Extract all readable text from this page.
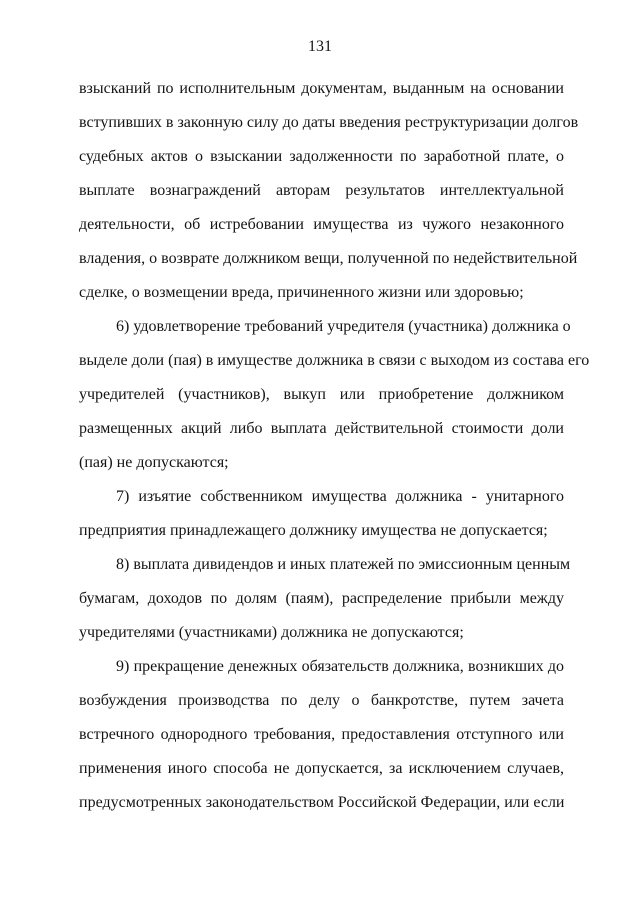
131
взысканий по исполнительным документам, выданным на основании
вступивших в законную силу до даты введения реструктуризации долгов
судебных актов о взыскании задолженности по заработной плате, о
выплате вознаграждений авторам результатов интеллектуальной
деятельности, об истребовании имущества из чужого незаконного
владения, о возврате должником вещи, полученной по недействительной
сделке, о возмещении вреда, причиненного жизни или здоровью;
6) удовлетворение требований учредителя (участника) должника о
выделе доли (пая) в имуществе должника в связи с выходом из состава его
учредителей (участников), выкуп или приобретение должником
размещенных акций либо выплата действительной стоимости доли
(пая) не допускаются;
7) изъятие собственником имущества должника - унитарного
предприятия принадлежащего должнику имущества не допускается;
8) выплата дивидендов и иных платежей по эмиссионным ценным
бумагам, доходов по долям (паям), распределение прибыли между
учредителями (участниками) должника не допускаются;
9) прекращение денежных обязательств должника, возникших до
возбуждения производства по делу о банкротстве, путем зачета
встречного однородного требования, предоставления отступного или
применения иного способа не допускается, за исключением случаев,
предусмотренных законодательством Российской Федерации, или если
